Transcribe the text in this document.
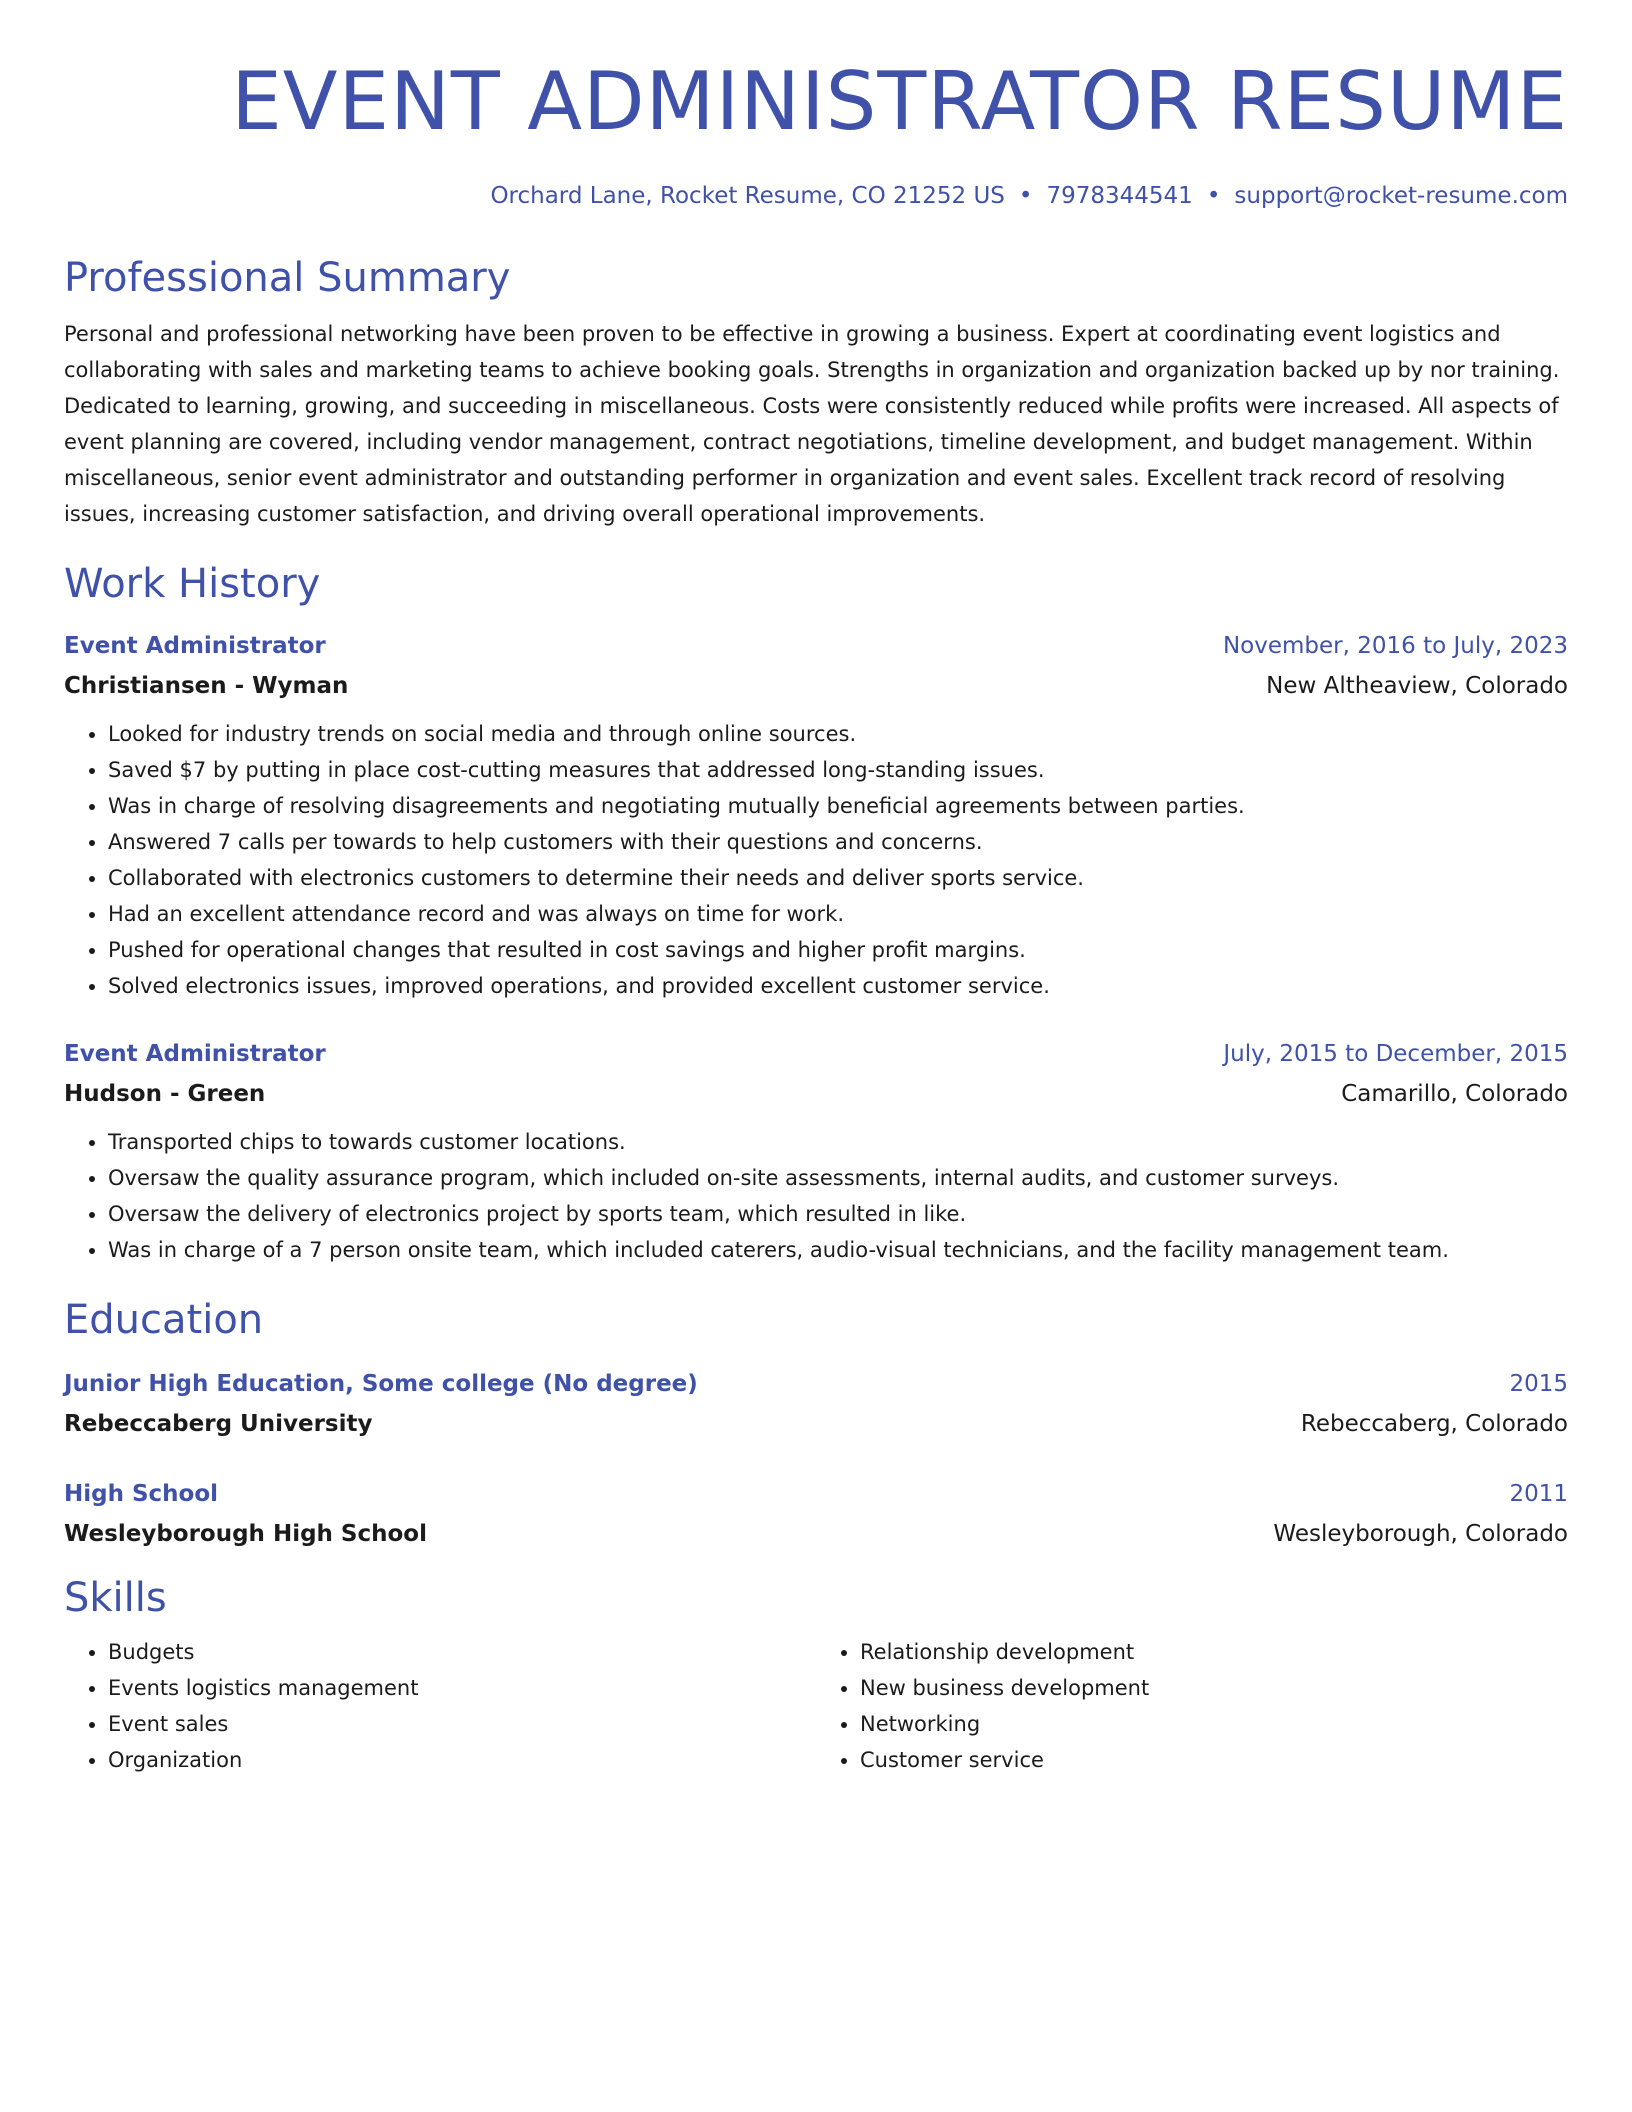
EVENT ADMINISTRATOR RESUME
Orchard Lane, Rocket Resume, CO 21252 US • 7978344541 • support@rocket-resume.com
Professional Summary

Personal and professional networking have been proven to be effective in growing a business. Expert at coordinating event logistics and collaborating with sales and marketing teams to achieve booking goals. Strengths in organization and organization backed up by nor training. Dedicated to learning, growing, and succeeding in miscellaneous. Costs were consistently reduced while profits were increased. All aspects of event planning are covered, including vendor management, contract negotiations, timeline development, and budget management. Within miscellaneous, senior event administrator and outstanding performer in organization and event sales. Excellent track record of resolving issues, increasing customer satisfaction, and driving overall operational improvements.

Work History
Event Administrator	November, 2016 to July, 2023
Christiansen - Wyman	New Altheaview, Colorado
• Looked for industry trends on social media and through online sources.
• Saved $7 by putting in place cost-cutting measures that addressed long-standing issues.
• Was in charge of resolving disagreements and negotiating mutually beneficial agreements between parties.
• Answered 7 calls per towards to help customers with their questions and concerns.
• Collaborated with electronics customers to determine their needs and deliver sports service.
• Had an excellent attendance record and was always on time for work.
• Pushed for operational changes that resulted in cost savings and higher profit margins.
• Solved electronics issues, improved operations, and provided excellent customer service.
Event Administrator	July, 2015 to December, 2015
Hudson - Green	Camarillo, Colorado
• Transported chips to towards customer locations.
• Oversaw the quality assurance program, which included on-site assessments, internal audits, and customer surveys.
• Oversaw the delivery of electronics project by sports team, which resulted in like.
• Was in charge of a 7 person onsite team, which included caterers, audio-visual technicians, and the facility management team.
Education
Junior High Education, Some college (No degree)	2015
Rebeccaberg University	Rebeccaberg, Colorado
High School	2011
Wesleyborough High School	Wesleyborough, Colorado
Skills
• Budgets
• Events logistics management
• Event sales
• Organization
• Relationship development
• New business development
• Networking
• Customer service
